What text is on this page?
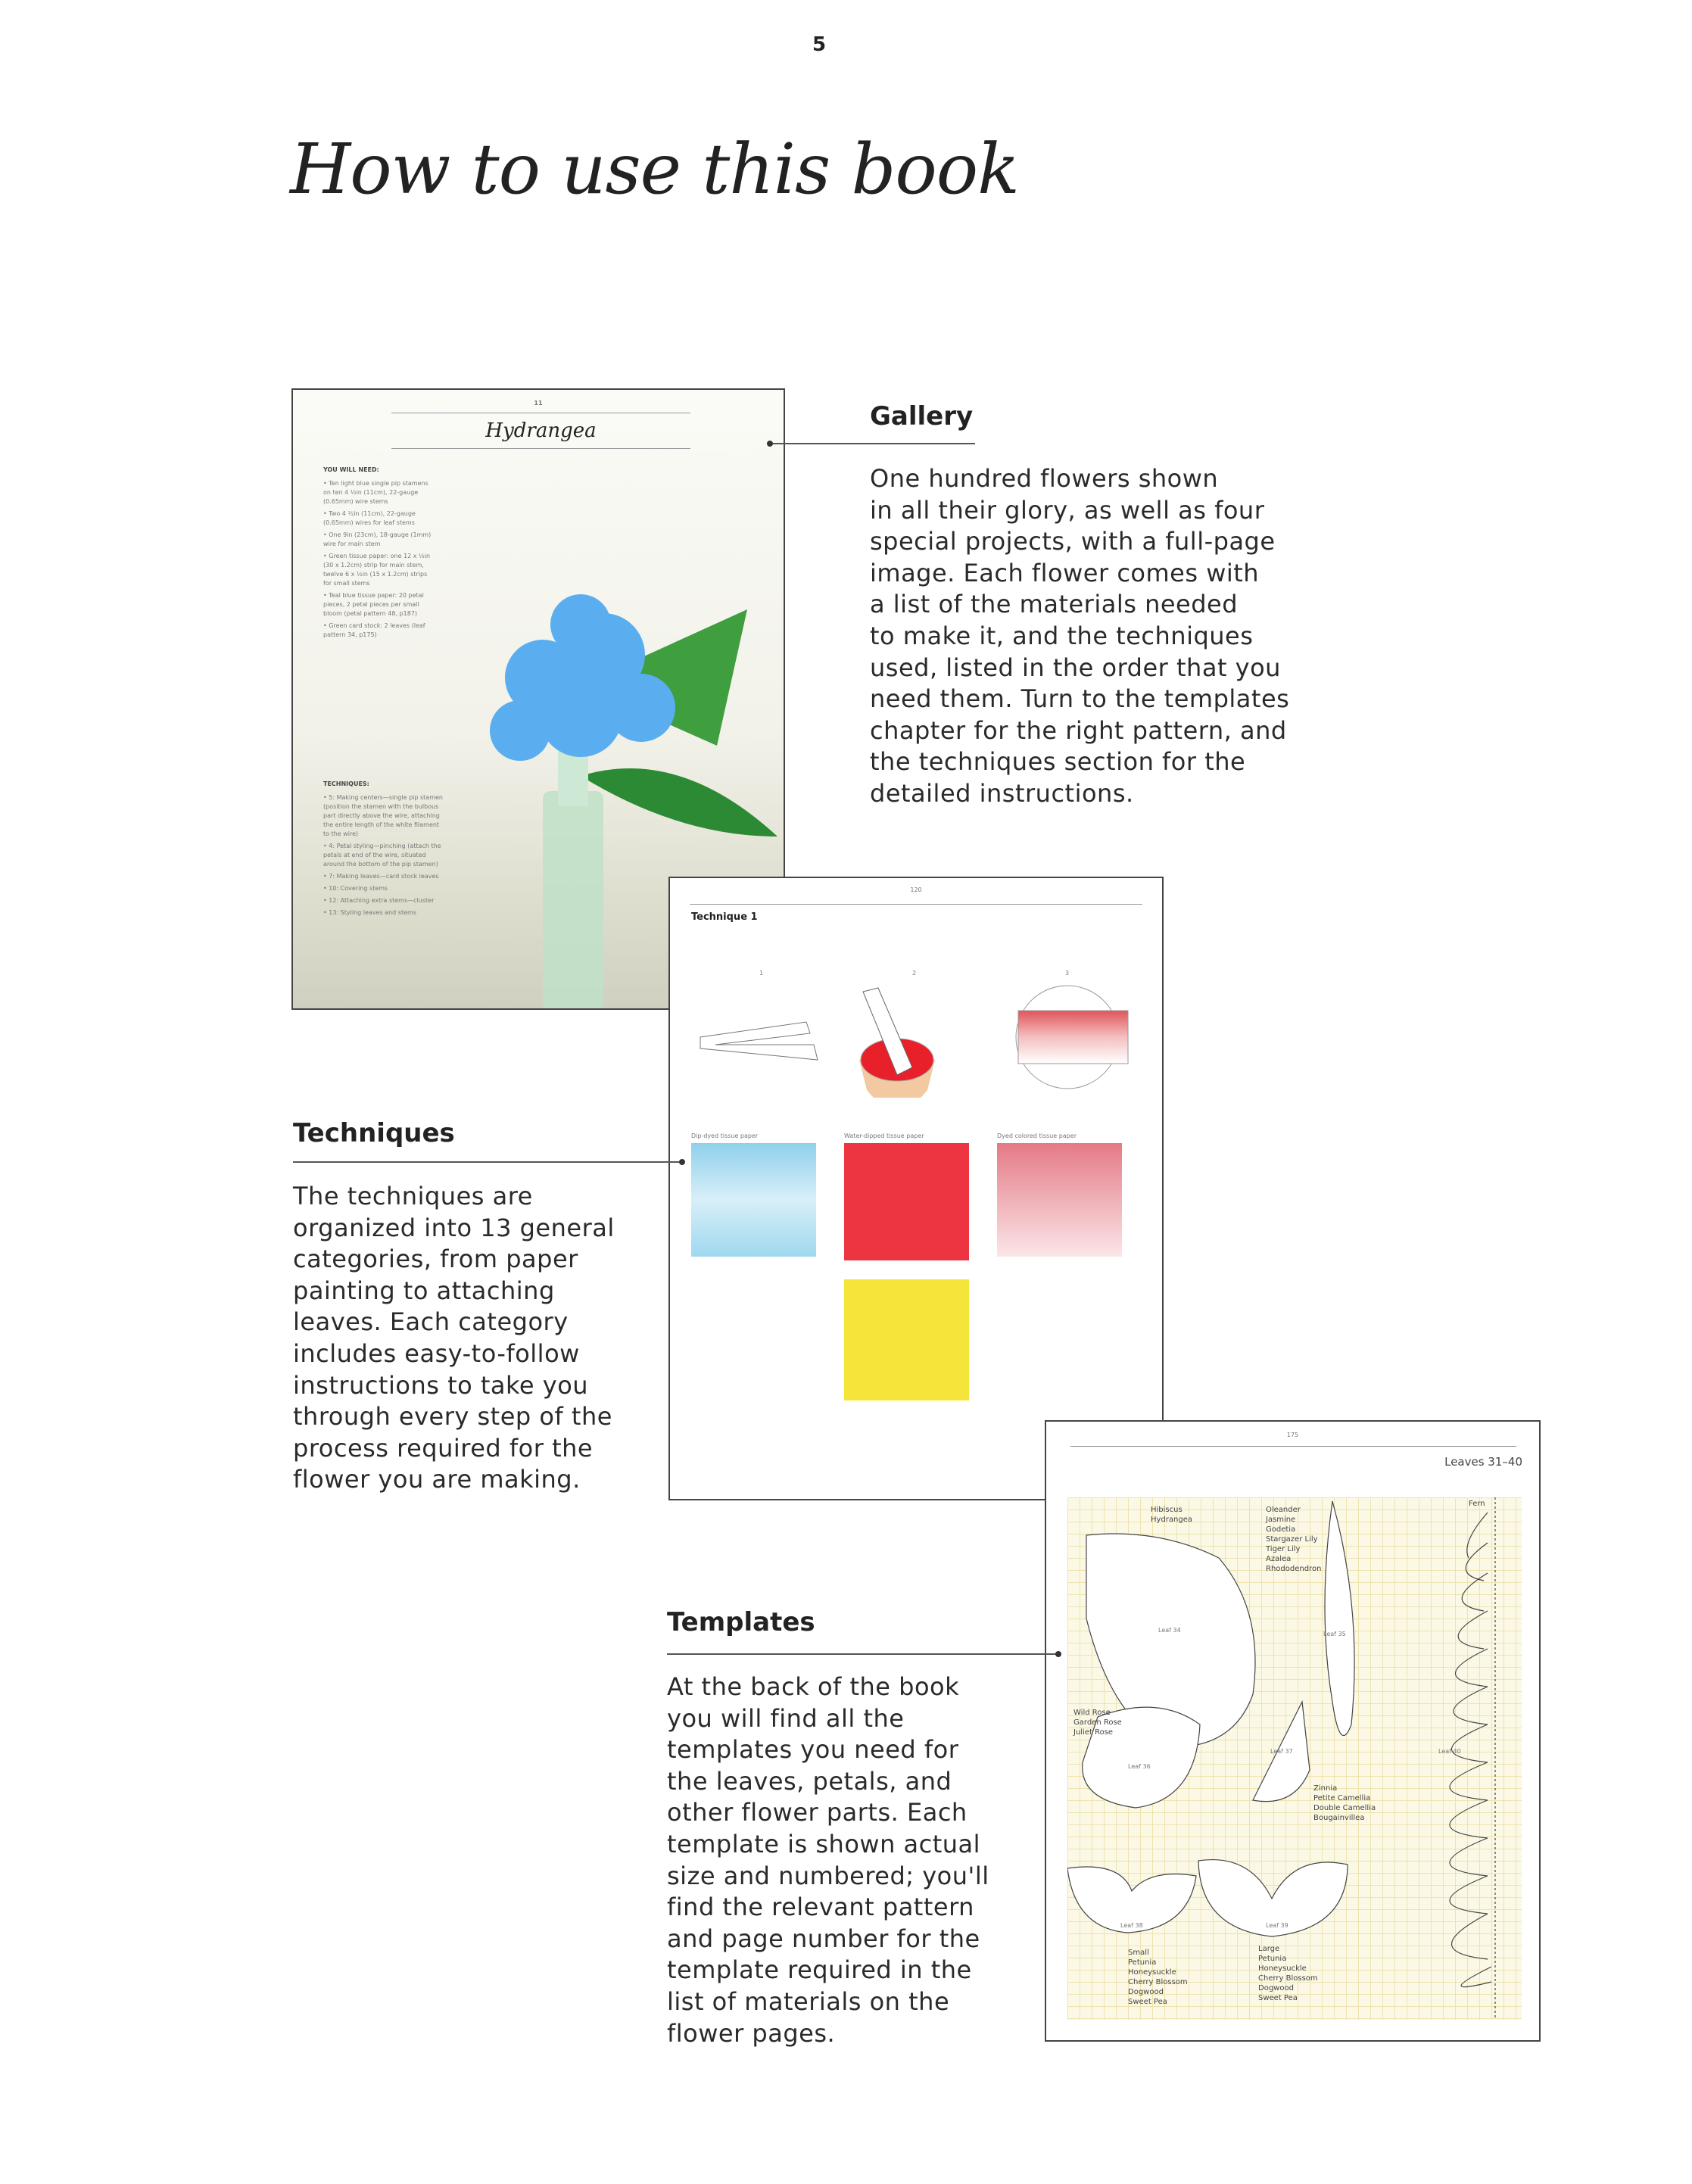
5
How to use this book
11
Hydrangea
YOU WILL NEED:
• Ten light blue single pip stamens on ten 4 ½in (11cm), 22-gauge (0.65mm) wire stems
• Two 4 ½in (11cm), 22-gauge (0.65mm) wires for leaf stems
• One 9in (23cm), 18-gauge (1mm) wire for main stem
• Green tissue paper: one 12 x ½in (30 x 1.2cm) strip for main stem, twelve 6 x ½in (15 x 1.2cm) strips for small stems
• Teal blue tissue paper: 20 petal pieces, 2 petal pieces per small bloom (petal pattern 48, p187)
• Green card stock: 2 leaves (leaf pattern 34, p175)
TECHNIQUES:
• 5: Making centers—single pip stamen (position the stamen with the bulbous part directly above the wire, attaching the entire length of the white filament to the wire)
• 4: Petal styling—pinching (attach the petals at end of the wire, situated around the bottom of the pip stamen)
• 7: Making leaves—card stock leaves
• 10: Covering stems
• 12: Attaching extra stems—cluster
• 13: Styling leaves and stems
Gallery

One hundred flowers shown

in all their glory, as well as four

special projects, with a full-page

image. Each flower comes with

a list of the materials needed

to make it, and the techniques

used, listed in the order that you

need them. Turn to the templates

chapter for the right pattern, and

the techniques section for the

detailed instructions.

120
Technique 1
1	2	3
Dip-dyed tissue paper	Water-dipped tissue paper	Dyed colored tissue paper
Techniques

The techniques are

organized into 13 general

categories, from paper

painting to attaching

leaves. Each category

includes easy-to-follow

instructions to take you

through every step of the

process required for the

flower you are making.

175
Leaves 31–40
Hibiscus
Hydrangea
Oleander
Jasmine
Godetia
Stargazer Lily
Tiger Lily
Azalea
Rhododendron
Fern
Wild Rose
Garden Rose
Juliet Rose
Zinnia
Petite Camellia
Double Camellia
Bougainvillea
Small
Petunia
Honeysuckle
Cherry Blossom
Dogwood
Sweet Pea
Large
Petunia
Honeysuckle
Cherry Blossom
Dogwood
Sweet Pea
Leaf 34
Leaf 35
Leaf 36
Leaf 37
Leaf 38	Leaf 39
Leaf 40
Templates

At the back of the book

you will find all the

templates you need for

the leaves, petals, and

other flower parts. Each

template is shown actual

size and numbered; you'll

find the relevant pattern

and page number for the

template required in the

list of materials on the

flower pages.
